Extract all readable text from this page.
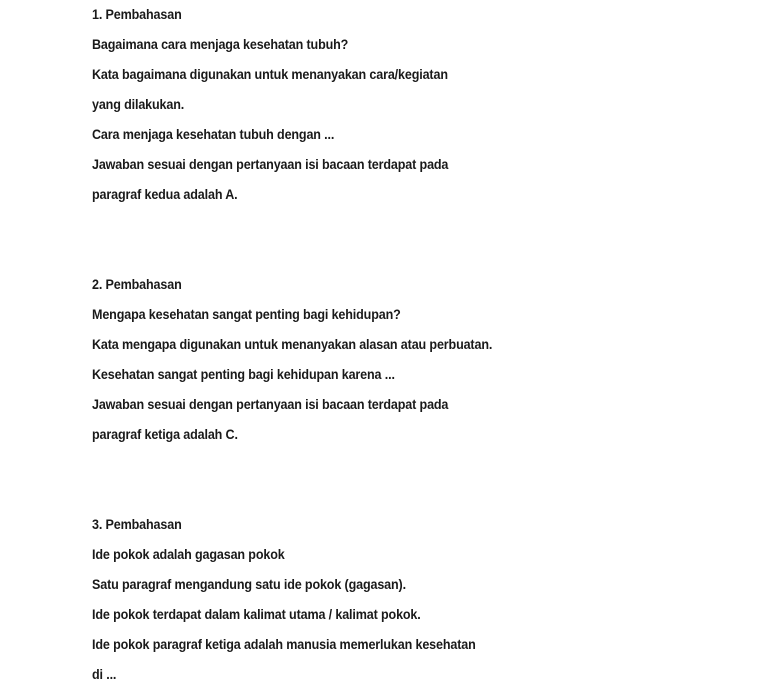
1. Pembahasan
Bagaimana cara menjaga kesehatan tubuh?
Kata bagaimana digunakan untuk menanyakan cara/kegiatan
yang dilakukan.
Cara menjaga kesehatan tubuh dengan ...
Jawaban sesuai dengan pertanyaan isi bacaan terdapat pada
paragraf kedua adalah A.
2. Pembahasan
Mengapa kesehatan sangat penting bagi kehidupan?
Kata mengapa digunakan untuk menanyakan alasan atau perbuatan.
Kesehatan sangat penting bagi kehidupan karena ...
Jawaban sesuai dengan pertanyaan isi bacaan terdapat pada
paragraf ketiga adalah C.
3. Pembahasan
Ide pokok adalah gagasan pokok
Satu paragraf mengandung satu ide pokok (gagasan).
Ide pokok terdapat dalam kalimat utama / kalimat pokok.
Ide pokok paragraf ketiga adalah manusia memerlukan kesehatan
di ...
